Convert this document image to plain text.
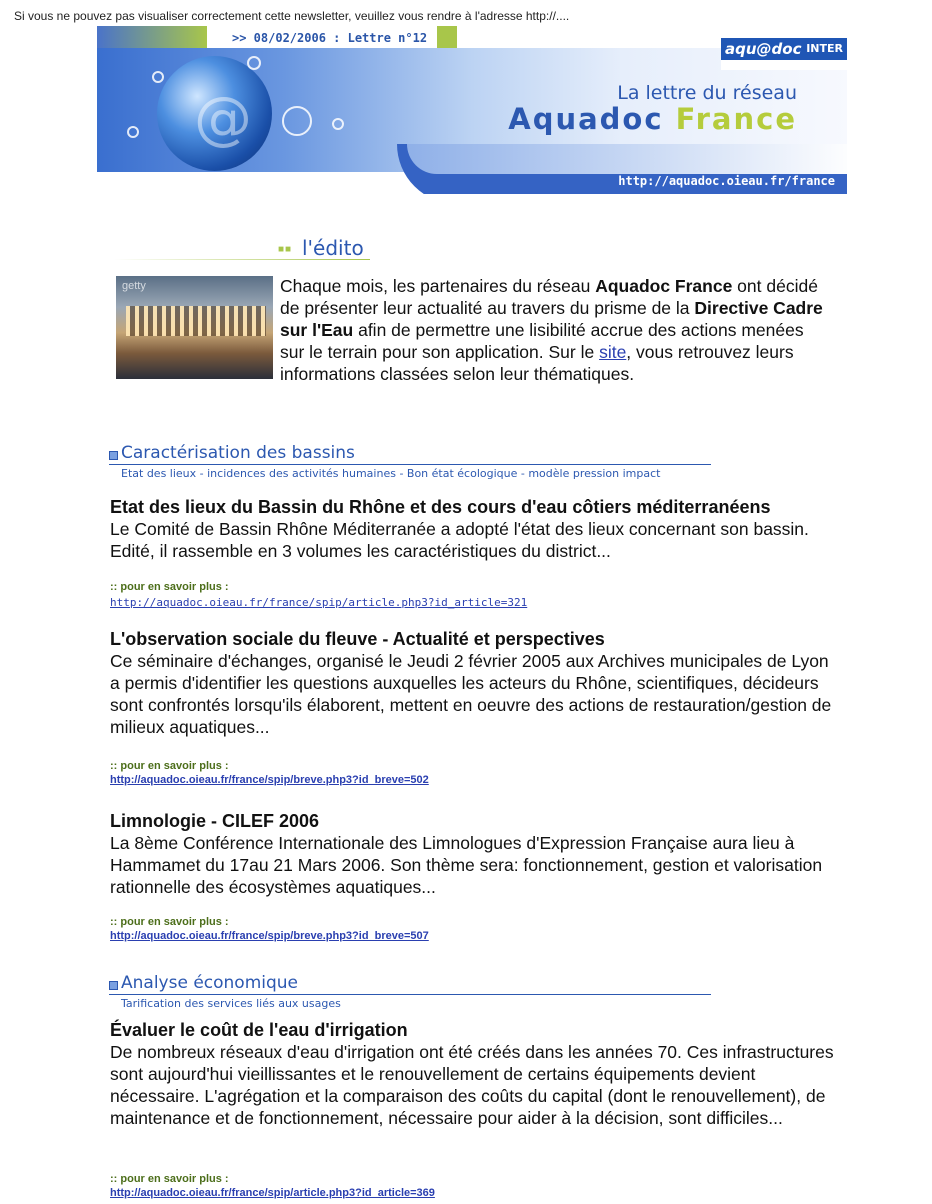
Si vous ne pouvez pas visualiser correctement cette newsletter, veuillez vous rendre à l'adresse http://....
>> 08/02/2006 : Lettre n°12
@
http://aquadoc.oieau.fr/france
La lettre du réseau
Aquadoc France
aqu@doc INTER
■■ l'édito
getty	Chaque mois, les partenaires du réseau Aquadoc France ont décidé de présenter leur actualité au travers du prisme de la Directive Cadre sur l'Eau afin de permettre une lisibilité accrue des actions menées sur le terrain pour son application. Sur le site, vous retrouvez leurs informations classées selon leur thématiques.
Caractérisation des bassins
Etat des lieux - incidences des activités humaines - Bon état écologique - modèle pression impact
Etat des lieux du Bassin du Rhône et des cours d'eau côtiers méditerranéens
Le Comité de Bassin Rhône Méditerranée a adopté l'état des lieux concernant son bassin. Edité, il rassemble en 3 volumes les caractéristiques du district...
:: pour en savoir plus :
http://aquadoc.oieau.fr/france/spip/article.php3?id_article=321
L'observation sociale du fleuve - Actualité et perspectives
Ce séminaire d'échanges, organisé le Jeudi 2 février 2005 aux Archives municipales de Lyon a permis d'identifier les questions auxquelles les acteurs du Rhône, scientifiques, décideurs sont confrontés lorsqu'ils élaborent, mettent en oeuvre des actions de restauration/gestion de milieux aquatiques...
:: pour en savoir plus :
http://aquadoc.oieau.fr/france/spip/breve.php3?id_breve=502
Limnologie - CILEF 2006
La 8ème Conférence Internationale des Limnologues d'Expression Française aura lieu à Hammamet du 17au 21 Mars 2006. Son thème sera: fonctionnement, gestion et valorisation rationnelle des écosystèmes aquatiques...
:: pour en savoir plus :
http://aquadoc.oieau.fr/france/spip/breve.php3?id_breve=507
Analyse économique
Tarification des services liés aux usages
Évaluer le coût de l'eau d'irrigation
De nombreux réseaux d'eau d'irrigation ont été créés dans les années 70. Ces infrastructures sont aujourd'hui vieillissantes et le renouvellement de certains équipements devient nécessaire. L'agrégation et la comparaison des coûts du capital (dont le renouvellement), de maintenance et de fonctionnement, nécessaire pour aider à la décision, sont difficiles...
:: pour en savoir plus :
http://aquadoc.oieau.fr/france/spip/article.php3?id_article=369
